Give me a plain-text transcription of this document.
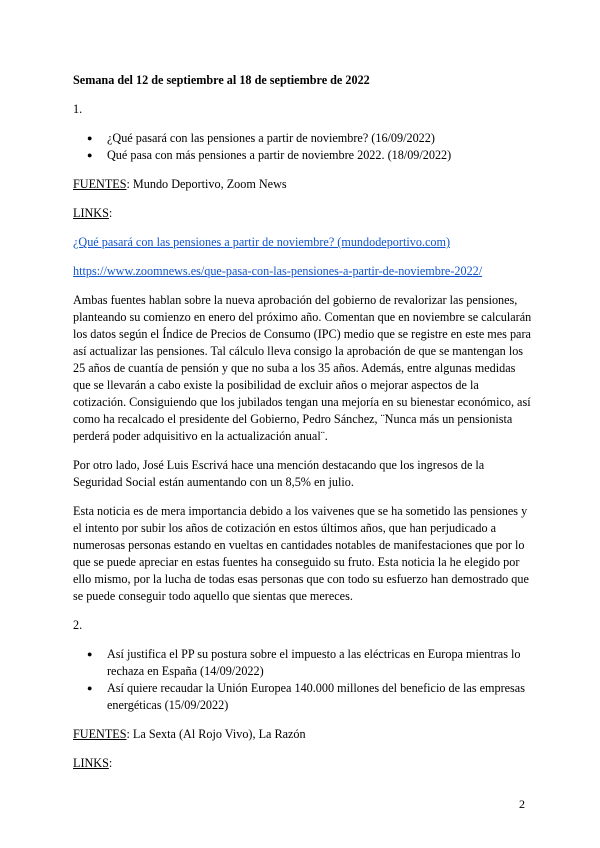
Semana del 12 de septiembre al 18 de septiembre de 2022
1.
● ¿Qué pasará con las pensiones a partir de noviembre? (16/09/2022)
● Qué pasa con más pensiones a partir de noviembre 2022. (18/09/2022)

FUENTES: Mundo Deportivo, Zoom News

LINKS:

¿Qué pasará con las pensiones a partir de noviembre? (mundodeportivo.com)

https://www.zoomnews.es/que-pasa-con-las-pensiones-a-partir-de-noviembre-2022/

Ambas fuentes hablan sobre la nueva aprobación del gobierno de revalorizar las pensiones, planteando su comienzo en enero del próximo año. Comentan que en noviembre se calcularán los datos según el Índice de Precios de Consumo (IPC) medio que se registre en este mes para así actualizar las pensiones. Tal cálculo lleva consigo la aprobación de que se mantengan los 25 años de cuantía de pensión y que no suba a los 35 años. Además, entre algunas medidas que se llevarán a cabo existe la posibilidad de excluir años o mejorar aspectos de la cotización. Consiguiendo que los jubilados tengan una mejoría en su bienestar económico, así como ha recalcado el presidente del Gobierno, Pedro Sánchez, ¨Nunca más un pensionista perderá poder adquisitivo en la actualización anual¨.

Por otro lado, José Luis Escrivá hace una mención destacando que los ingresos de la Seguridad Social están aumentando con un 8,5% en julio.

Esta noticia es de mera importancia debido a los vaivenes que se ha sometido las pensiones y el intento por subir los años de cotización en estos últimos años, que han perjudicado a numerosas personas estando en vueltas en cantidades notables de manifestaciones que por lo que se puede apreciar en estas fuentes ha conseguido su fruto. Esta noticia la he elegido por ello mismo, por la lucha de todas esas personas que con todo su esfuerzo han demostrado que se puede conseguir todo aquello que sientas que mereces.

2.
● Así justifica el PP su postura sobre el impuesto a las eléctricas en Europa mientras lo rechaza en España (14/09/2022)
● Así quiere recaudar la Unión Europea 140.000 millones del beneficio de las empresas energéticas (15/09/2022)

FUENTES: La Sexta (Al Rojo Vivo), La Razón

LINKS:

2
